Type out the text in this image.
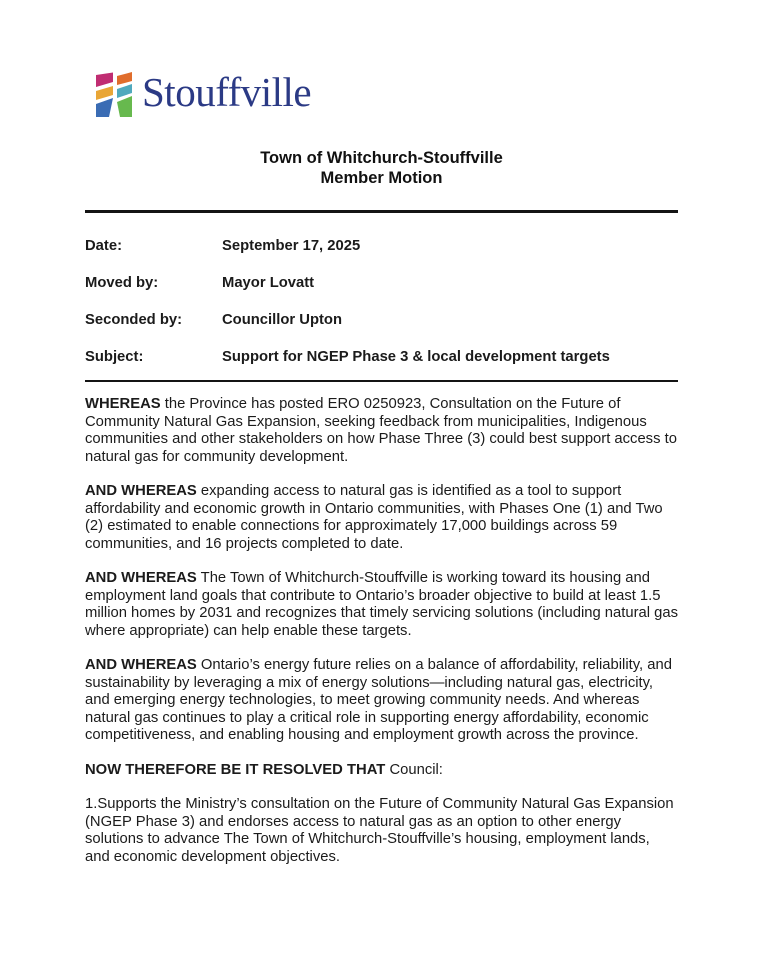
Stouffville
Town of Whitchurch-Stouffville
Member Motion
Date:	September 17, 2025
Moved by:	Mayor Lovatt
Seconded by:	Councillor Upton
Subject:	Support for NGEP Phase 3 & local development targets

WHEREAS the Province has posted ERO 0250923, Consultation on the Future of Community Natural Gas Expansion, seeking feedback from municipalities, Indigenous communities and other stakeholders on how Phase Three (3) could best support access to natural gas for community development.

AND WHEREAS expanding access to natural gas is identified as a tool to support affordability and economic growth in Ontario communities, with Phases One (1) and Two (2) estimated to enable connections for approximately 17,000 buildings across 59 communities, and 16 projects completed to date.

AND WHEREAS The Town of Whitchurch-Stouffville is working toward its housing and employment land goals that contribute to Ontario’s broader objective to build at least 1.5 million homes by 2031 and recognizes that timely servicing solutions (including natural gas where appropriate) can help enable these targets.

AND WHEREAS Ontario’s energy future relies on a balance of affordability, reliability, and sustainability by leveraging a mix of energy solutions—including natural gas, electricity, and emerging energy technologies, to meet growing community needs. And whereas natural gas continues to play a critical role in supporting energy affordability, economic competitiveness, and enabling housing and employment growth across the province.

NOW THEREFORE BE IT RESOLVED THAT Council:

1.Supports the Ministry’s consultation on the Future of Community Natural Gas Expansion (NGEP Phase 3) and endorses access to natural gas as an option to other energy solutions to advance The Town of Whitchurch-Stouffville’s housing, employment lands, and economic development objectives.
